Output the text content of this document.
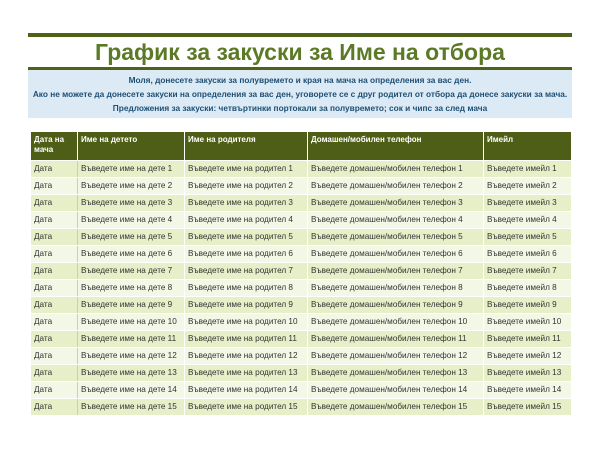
График за закуски за Име на отбора
Моля, донесете закуски за полувремето и края на мача на определения за вас ден.
Ако не можете да донесете закуски на определения за вас ден, уговорете се с друг родител от отбора да донесе закуски за мача.
Предложения за закуски: четвъртинки портокали за полувремето; сок и чипс за след мача
Дата на мача	Име на детето	Име на родителя	Домашен/мобилен телефон	Имейл
Дата	Въведете име на дете 1	Въведете име на родител 1	Въведете домашен/мобилен телефон 1	Въведете имейл 1
Дата	Въведете име на дете 2	Въведете име на родител 2	Въведете домашен/мобилен телефон 2	Въведете имейл 2
Дата	Въведете име на дете 3	Въведете име на родител 3	Въведете домашен/мобилен телефон 3	Въведете имейл 3
Дата	Въведете име на дете 4	Въведете име на родител 4	Въведете домашен/мобилен телефон 4	Въведете имейл 4
Дата	Въведете име на дете 5	Въведете име на родител 5	Въведете домашен/мобилен телефон 5	Въведете имейл 5
Дата	Въведете име на дете 6	Въведете име на родител 6	Въведете домашен/мобилен телефон 6	Въведете имейл 6
Дата	Въведете име на дете 7	Въведете име на родител 7	Въведете домашен/мобилен телефон 7	Въведете имейл 7
Дата	Въведете име на дете 8	Въведете име на родител 8	Въведете домашен/мобилен телефон 8	Въведете имейл 8
Дата	Въведете име на дете 9	Въведете име на родител 9	Въведете домашен/мобилен телефон 9	Въведете имейл 9
Дата	Въведете име на дете 10	Въведете име на родител 10	Въведете домашен/мобилен телефон 10	Въведете имейл 10
Дата	Въведете име на дете 11	Въведете име на родител 11	Въведете домашен/мобилен телефон 11	Въведете имейл 11
Дата	Въведете име на дете 12	Въведете име на родител 12	Въведете домашен/мобилен телефон 12	Въведете имейл 12
Дата	Въведете име на дете 13	Въведете име на родител 13	Въведете домашен/мобилен телефон 13	Въведете имейл 13
Дата	Въведете име на дете 14	Въведете име на родител 14	Въведете домашен/мобилен телефон 14	Въведете имейл 14
Дата	Въведете име на дете 15	Въведете име на родител 15	Въведете домашен/мобилен телефон 15	Въведете имейл 15
